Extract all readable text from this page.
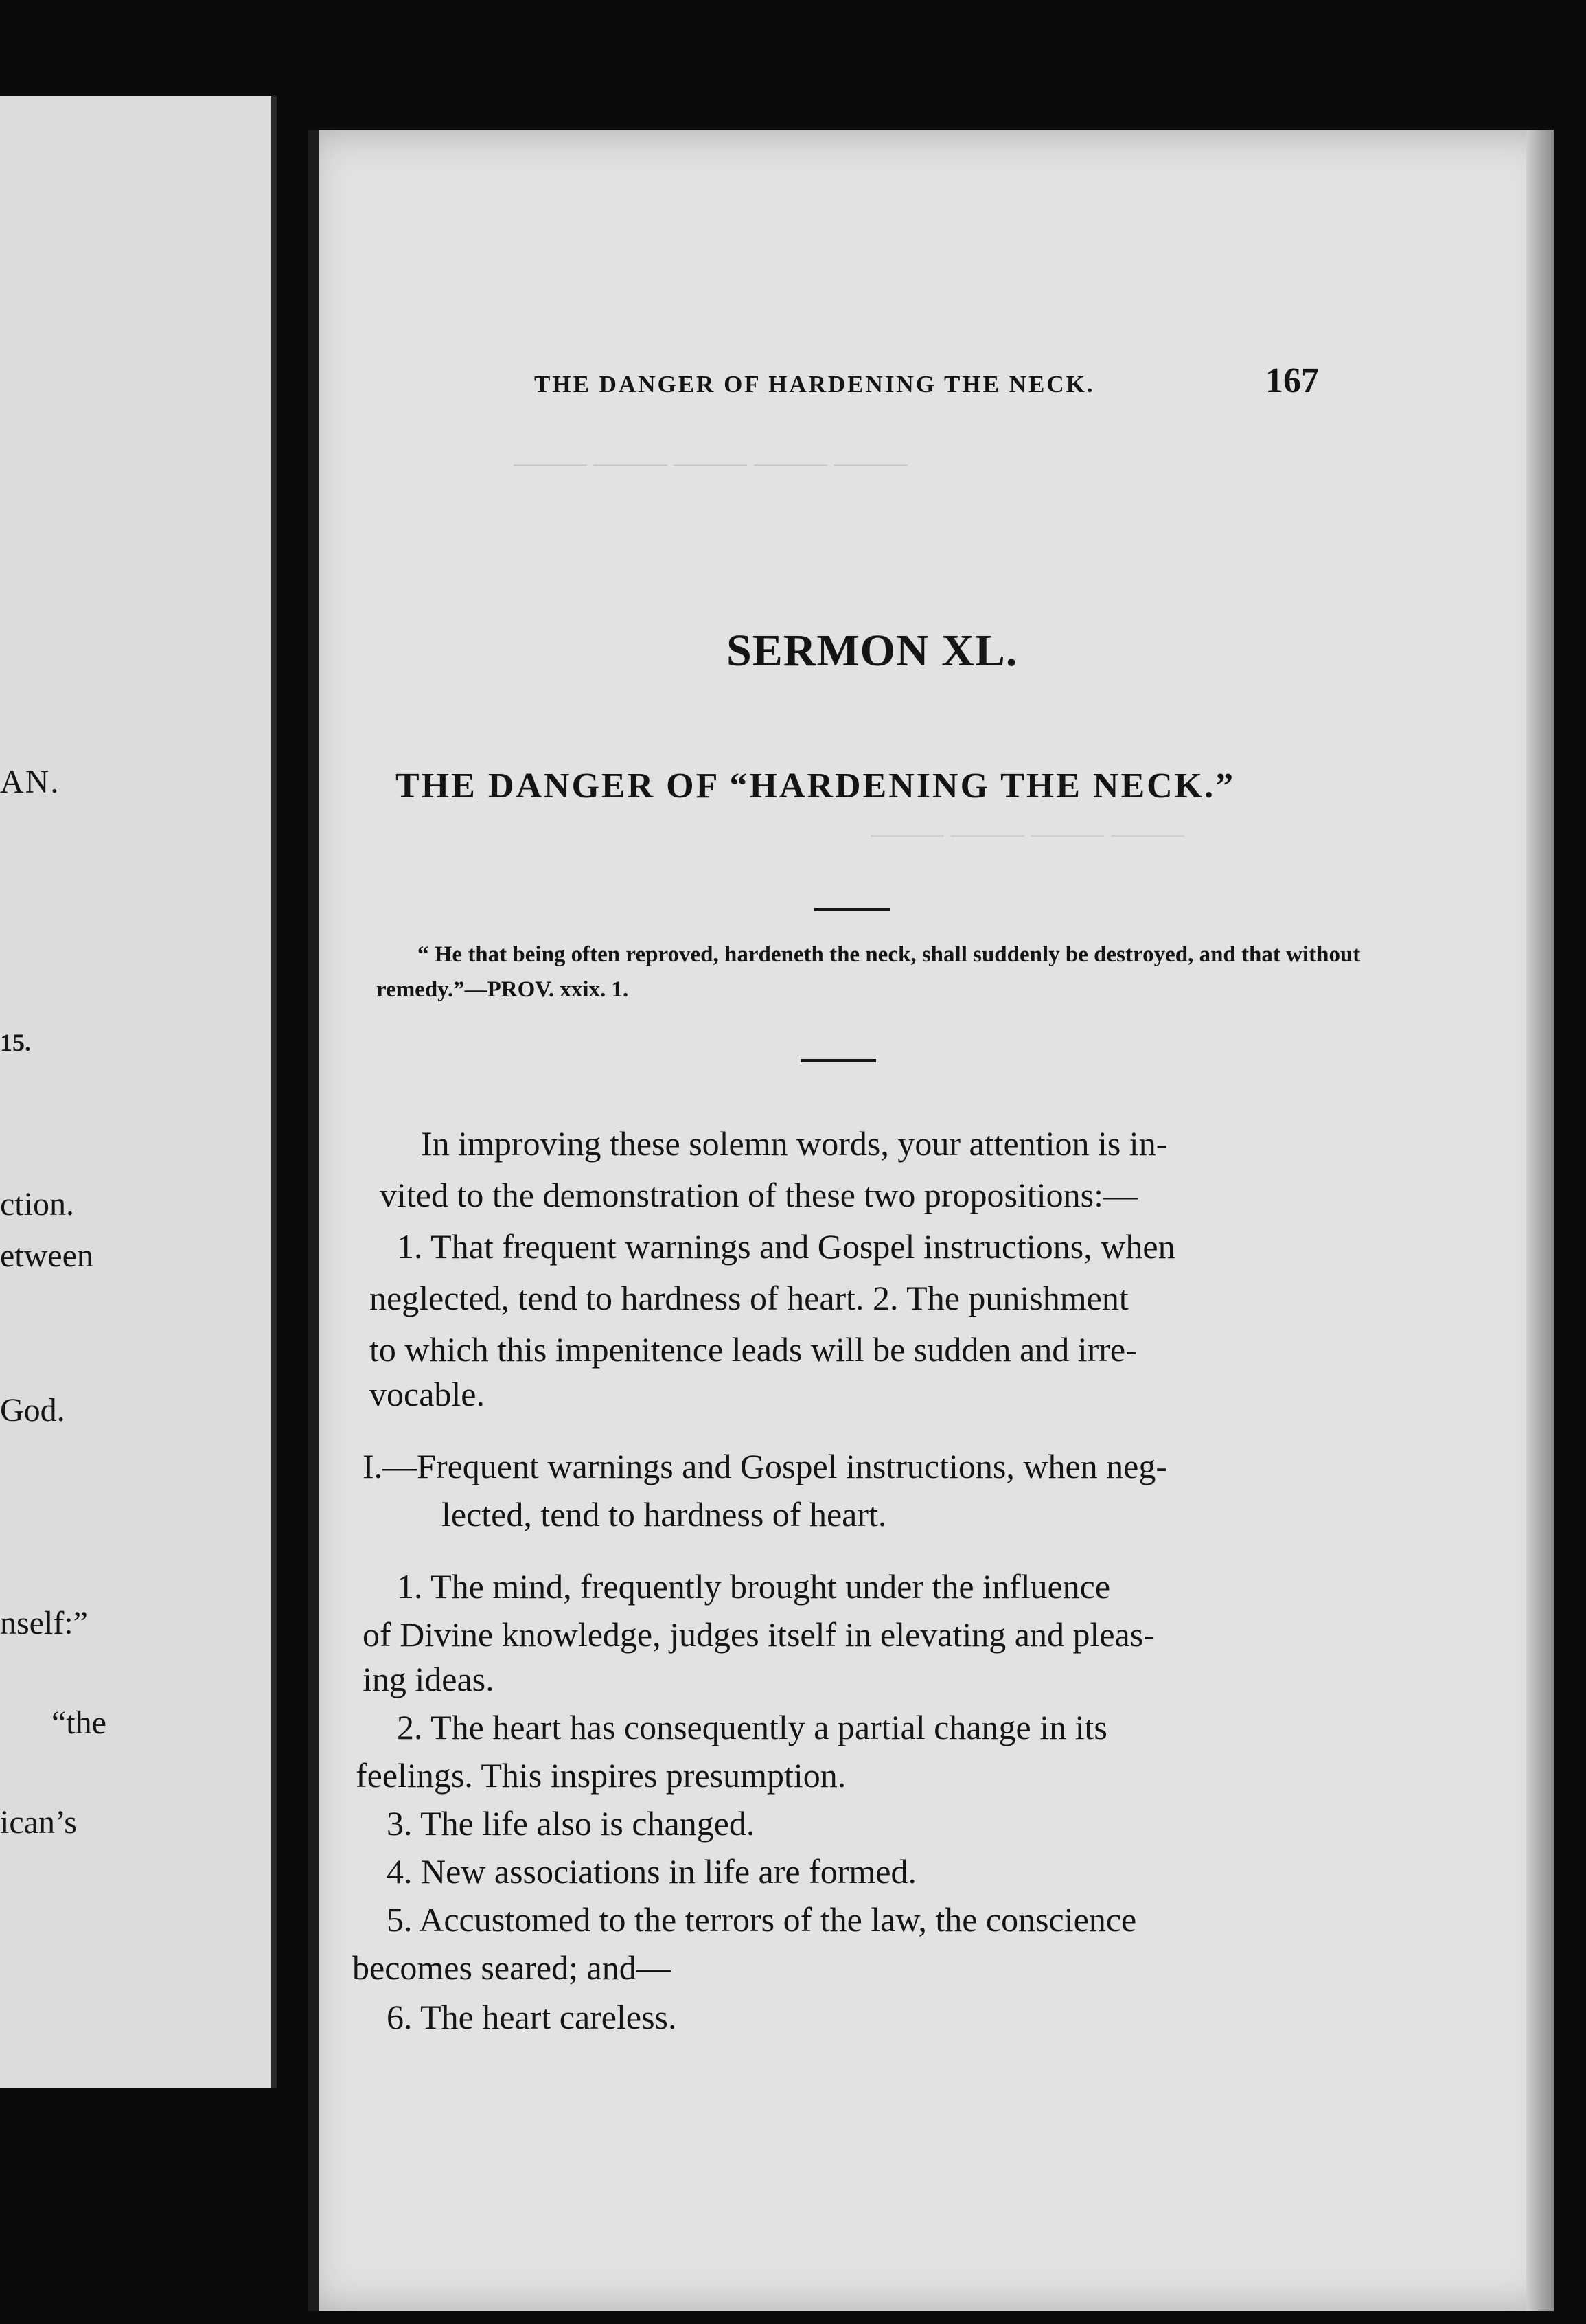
AN.
15.
ction.
etween
God.
nself:”
“the
ican’s
——— ——— ——— ——— ———
——— ——— ——— ———
THE DANGER OF HARDENING THE NECK.	167
SERMON XL.
THE DANGER OF “HARDENING THE NECK.”
“ He that being often reproved, hardeneth the neck, shall suddenly be destroyed, and that without remedy.”—PROV. xxix. 1.
In improving these solemn words, your attention is in-
vited to the demonstration of these two propositions:—
1. That frequent warnings and Gospel instructions, when
neglected, tend to hardness of heart. 2. The punishment
to which this impenitence leads will be sudden and irre-
vocable.
I.—Frequent warnings and Gospel instructions, when neg-
lected, tend to hardness of heart.
1. The mind, frequently brought under the influence
of Divine knowledge, judges itself in elevating and pleas-
ing ideas.
2. The heart has consequently a partial change in its
feelings. This inspires presumption.
3. The life also is changed.
4. New associations in life are formed.
5. Accustomed to the terrors of the law, the conscience
becomes seared; and—
6. The heart careless.
